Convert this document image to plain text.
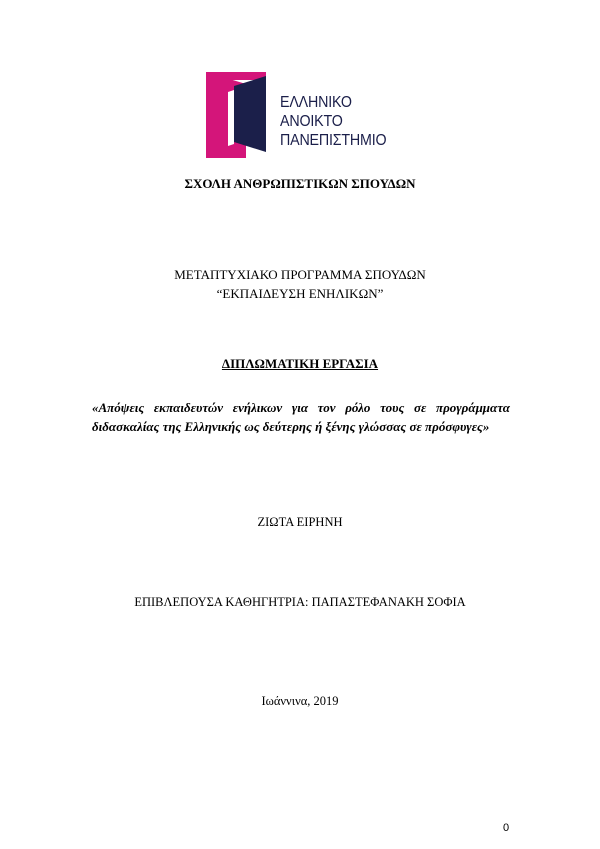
ΕΛΛΗΝΙΚΟ
ΑΝΟΙΚΤΟ
ΠΑΝΕΠΙΣΤΗΜΙΟ
ΣΧΟΛΗ ΑΝΘΡΩΠΙΣΤΙΚΩΝ ΣΠΟΥΔΩΝ
ΜΕΤΑΠΤΥΧΙΑΚΟ ΠΡΟΓΡΑΜΜΑ ΣΠΟΥΔΩΝ
“ΕΚΠΑΙΔΕΥΣΗ ΕΝΗΛΙΚΩΝ”
ΔΙΠΛΩΜΑΤΙΚΗ ΕΡΓΑΣΙΑ
«Απόψεις εκπαιδευτών ενήλικων για τον ρόλο τους σε προγράμματα διδασκαλίας της Ελληνικής ως δεύτερης ή ξένης γλώσσας σε πρόσφυγες»
ΖΙΩΤΑ ΕΙΡΗΝΗ
ΕΠΙΒΛΕΠΟΥΣΑ ΚΑΘΗΓΗΤΡΙΑ: ΠΑΠΑΣΤΕΦΑΝΑΚΗ ΣΟΦΙΑ
Ιωάννινα, 2019
0
